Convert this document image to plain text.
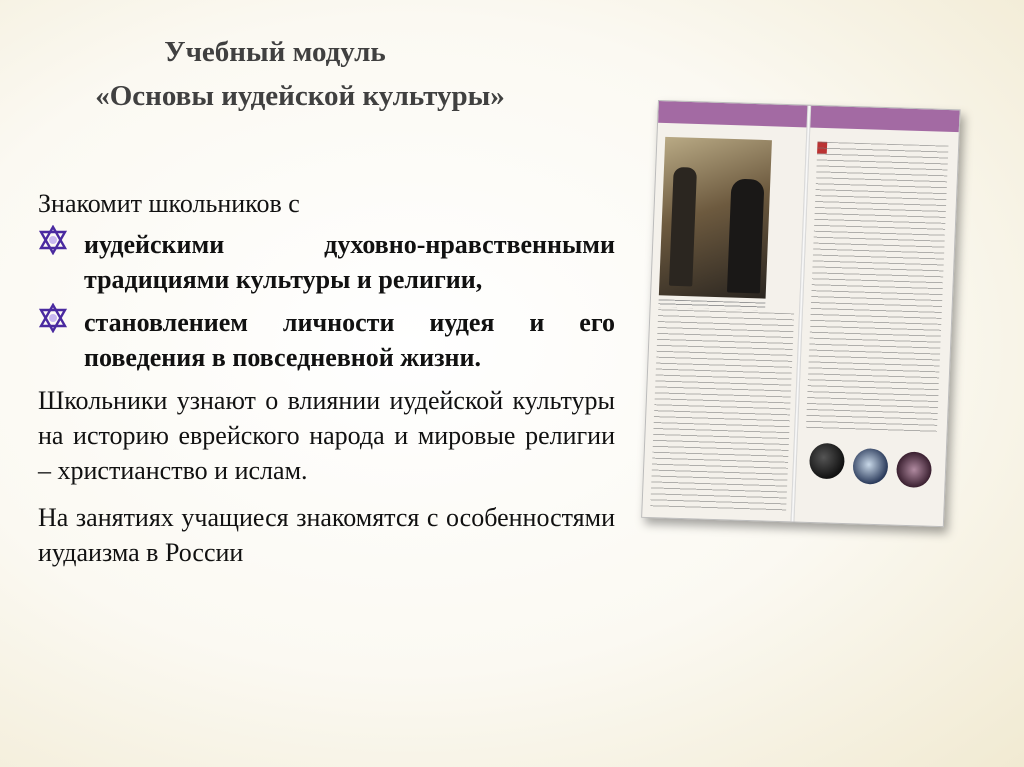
Учебный модуль
«Основы иудейской культуры»

Знакомит школьников с

иудейскими духовно-нравственными традициями культуры и религии,

становлением личности иудея и его поведения в повседневной жизни.

Школьники узнают о влиянии иудейской культуры на историю еврейского народа и мировые религии – христианство и ислам.

На занятиях учащиеся знакомятся с особенностями иудаизма в России
